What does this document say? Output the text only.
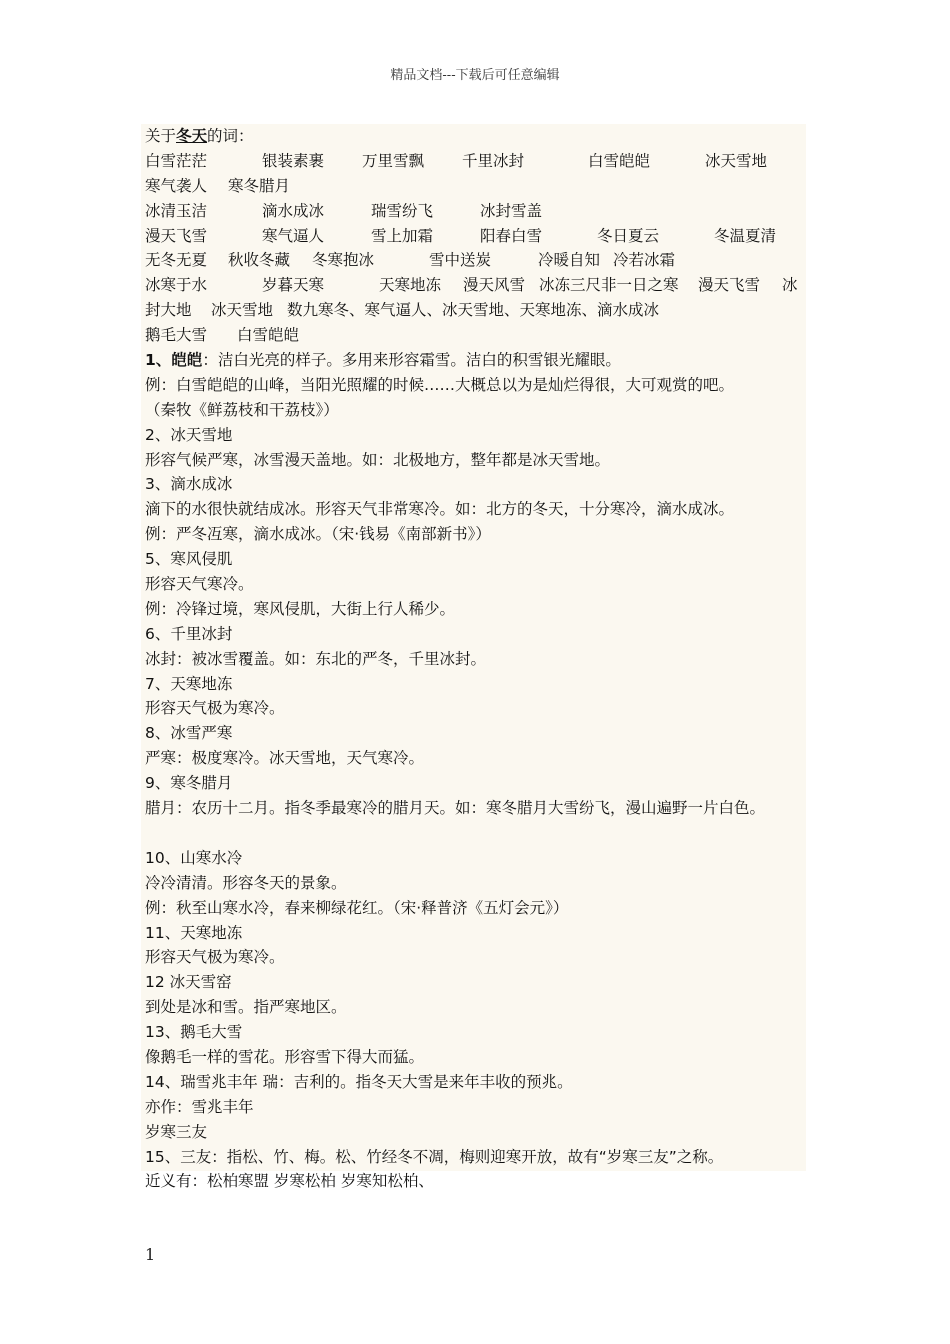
精品文档---下载后可任意编辑
关于冬天的词：
白雪茫茫	银装素裹	万里雪飘	千里冰封	白雪皑皑	冰天雪地
寒气袭人	寒冬腊月
冰清玉洁	滴水成冰	瑞雪纷飞	冰封雪盖
漫天飞雪	寒气逼人	雪上加霜	阳春白雪	冬日夏云	冬温夏清
无冬无夏	秋收冬藏	冬寒抱冰	雪中送炭	冷暖自知 冷若冰霜
冰寒于水	岁暮天寒	天寒地冻	漫天风雪 冰冻三尺非一日之寒	漫天飞雪	冰
封大地	冰天雪地 数九寒冬、寒气逼人、冰天雪地、天寒地冻、滴水成冰
鹅毛大雪	白雪皑皑
1、皑皑：洁白光亮的样子。多用来形容霜雪。洁白的积雪银光耀眼。
例：白雪皑皑的山峰，当阳光照耀的时候……大概总以为是灿烂得很，大可观赏的吧。
（秦牧《鲜荔枝和干荔枝》）
2、冰天雪地
形容气候严寒，冰雪漫天盖地。如：北极地方，整年都是冰天雪地。
3、滴水成冰
滴下的水很快就结成冰。形容天气非常寒冷。如：北方的冬天，十分寒冷，滴水成冰。
例：严冬冱寒，滴水成冰。（宋·钱易《南部新书》）
5、寒风侵肌
形容天气寒冷。
例：冷锋过境，寒风侵肌，大街上行人稀少。
6、千里冰封
冰封：被冰雪覆盖。如：东北的严冬，千里冰封。
7、天寒地冻
形容天气极为寒冷。
8、冰雪严寒
严寒：极度寒冷。冰天雪地，天气寒冷。
9、寒冬腊月
腊月：农历十二月。指冬季最寒冷的腊月天。如：寒冬腊月大雪纷飞，漫山遍野一片白色。
10、山寒水冷
冷冷清清。形容冬天的景象。
例：秋至山寒水冷，春来柳绿花红。（宋·释普济《五灯会元》）
11、天寒地冻
形容天气极为寒冷。
12 冰天雪窑
到处是冰和雪。指严寒地区。
13、鹅毛大雪
像鹅毛一样的雪花。形容雪下得大而猛。
14、瑞雪兆丰年 瑞：吉利的。指冬天大雪是来年丰收的预兆。
亦作：雪兆丰年
岁寒三友
15、三友：指松、竹、梅。松、竹经冬不凋，梅则迎寒开放，故有“岁寒三友”之称。
近义有：松柏寒盟 岁寒松柏 岁寒知松柏、
1
